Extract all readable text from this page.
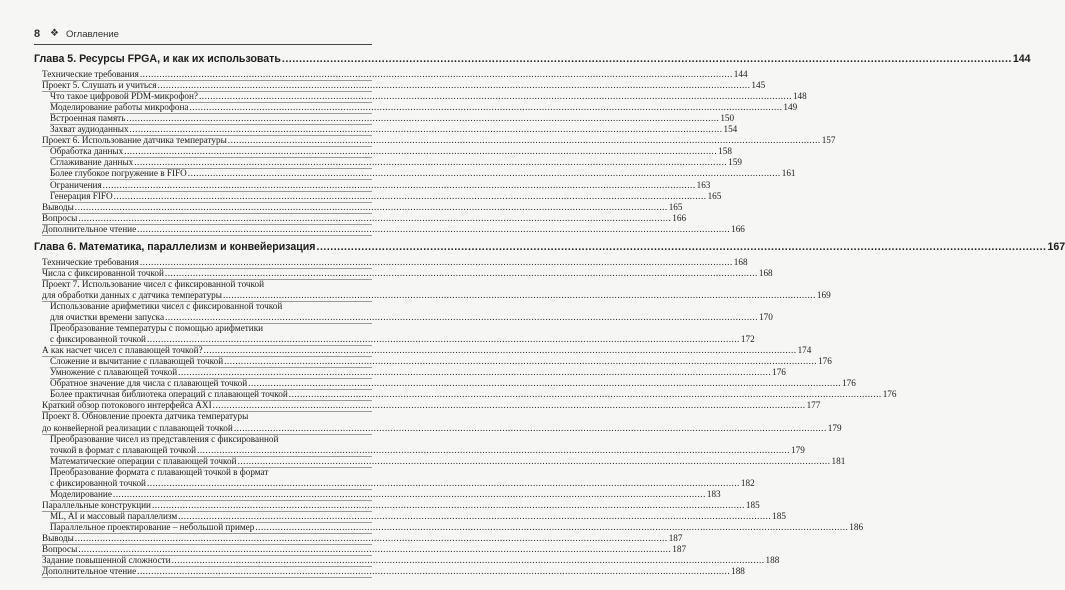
8 ❖ Оглавление
Глава 5. Ресурсы FPGA, и как их использовать .....	144
Технические требования .....	144
Проект 5. Слушать и учиться .....	145
Что такое цифровой PDM-микрофон? .....	148
Моделирование работы микрофона .....	149
Встроенная память .....	150
Захват аудиоданных .....	154
Проект 6. Использование датчика температуры .....	157
Обработка данных .....	158
Сглаживание данных .....	159
Более глубокое погружение в FIFO .....	161
Ограничения .....	163
Генерация FIFO .....	165
Выводы .....	165
Вопросы .....	166
Дополнительное чтение .....	166
Глава 6. Математика, параллелизм и конвейеризация .....	167
Технические требования .....	168
Числа с фиксированной точкой .....	168
Проект 7. Использование чисел с фиксированной точкой
для обработки данных с датчика температуры .....	169
Использование арифметики чисел с фиксированной точкой
для очистки времени запуска .....	170
Преобразование температуры с помощью арифметики
с фиксированной точкой .....	172
А как насчет чисел с плавающей точкой? .....	174
Сложение и вычитание с плавающей точкой .....	176
Умножение с плавающей точкой .....	176
Обратное значение для числа с плавающей точкой .....	176
Более практичная библиотека операций с плавающей точкой .....	176
Краткий обзор потокового интерфейса AXI .....	177
Проект 8. Обновление проекта датчика температуры
до конвейерной реализации с плавающей точкой .....	179
Преобразование чисел из представления с фиксированной
точкой в формат с плавающей точкой .....	179
Математические операции с плавающей точкой .....	181
Преобразование формата с плавающей точкой в формат
с фиксированной точкой .....	182
Моделирование .....	183
Параллельные конструкции .....	185
ML, AI и массовый параллелизм .....	185
Параллельное проектирование – небольшой пример .....	186
Выводы .....	187
Вопросы .....	187
Задание повышенной сложности .....	188
Дополнительное чтение .....	188
